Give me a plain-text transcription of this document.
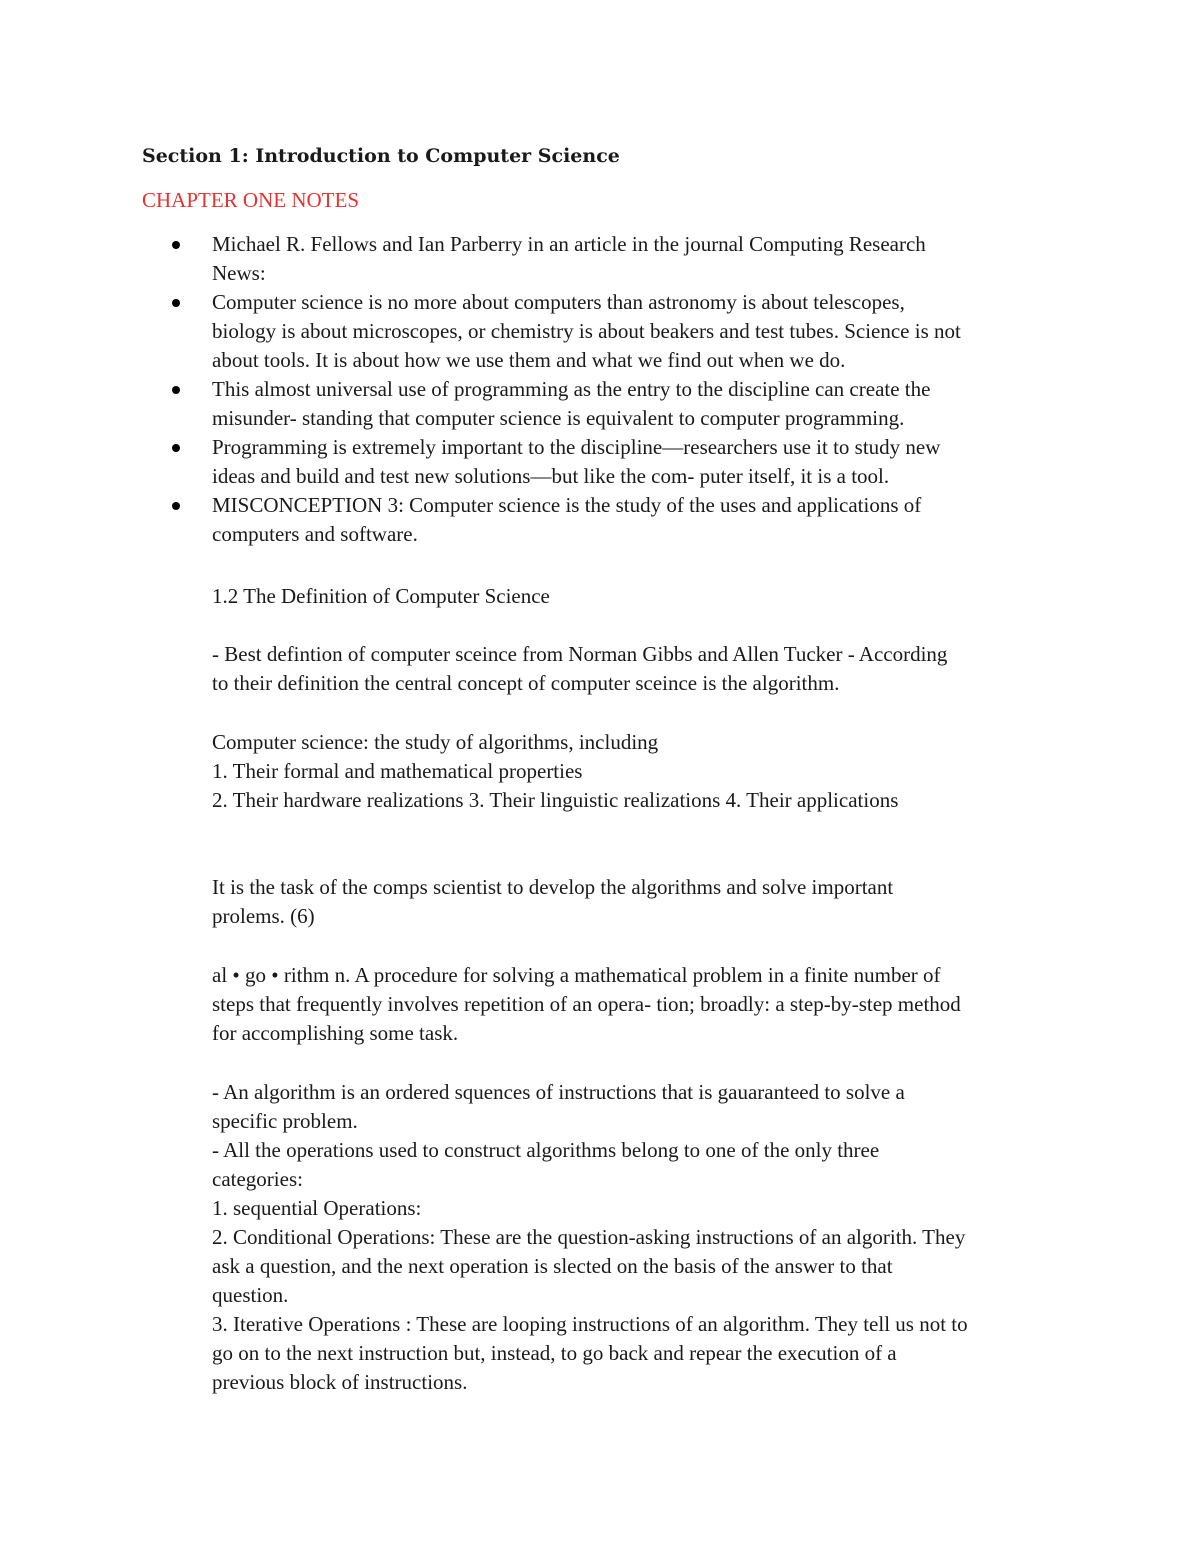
Section 1: Introduction to Computer Science
CHAPTER ONE NOTES
Michael R. Fellows and Ian Parberry in an article in the journal Computing Research
News:
Computer science is no more about computers than astronomy is about telescopes,
biology is about microscopes, or chemistry is about beakers and test tubes. Science is not
about tools. It is about how we use them and what we find out when we do.
This almost universal use of programming as the entry to the discipline can create the
misunder- standing that computer science is equivalent to computer programming.
Programming is extremely important to the discipline—researchers use it to study new
ideas and build and test new solutions—but like the com- puter itself, it is a tool.
MISCONCEPTION 3: Computer science is the study of the uses and applications of
computers and software.
1.2 The Definition of Computer Science
- Best defintion of computer sceince from Norman Gibbs and Allen Tucker - According
to their definition the central concept of computer sceince is the algorithm.
Computer science: the study of algorithms, including
1. Their formal and mathematical properties
2. Their hardware realizations 3. Their linguistic realizations 4. Their applications
It is the task of the comps scientist to develop the algorithms and solve important
prolems. (6)
al • go • rithm n. A procedure for solving a mathematical problem in a finite number of
steps that frequently involves repetition of an opera- tion; broadly: a step-by-step method
for accomplishing some task.
- An algorithm is an ordered squences of instructions that is gauaranteed to solve a
specific problem.
- All the operations used to construct algorithms belong to one of the only three
categories:
1. sequential Operations:
2. Conditional Operations: These are the question-asking instructions of an algorith. They
ask a question, and the next operation is slected on the basis of the answer to that
question.
3. Iterative Operations : These are looping instructions of an algorithm. They tell us not to
go on to the next instruction but, instead, to go back and repear the execution of a
previous block of instructions.
